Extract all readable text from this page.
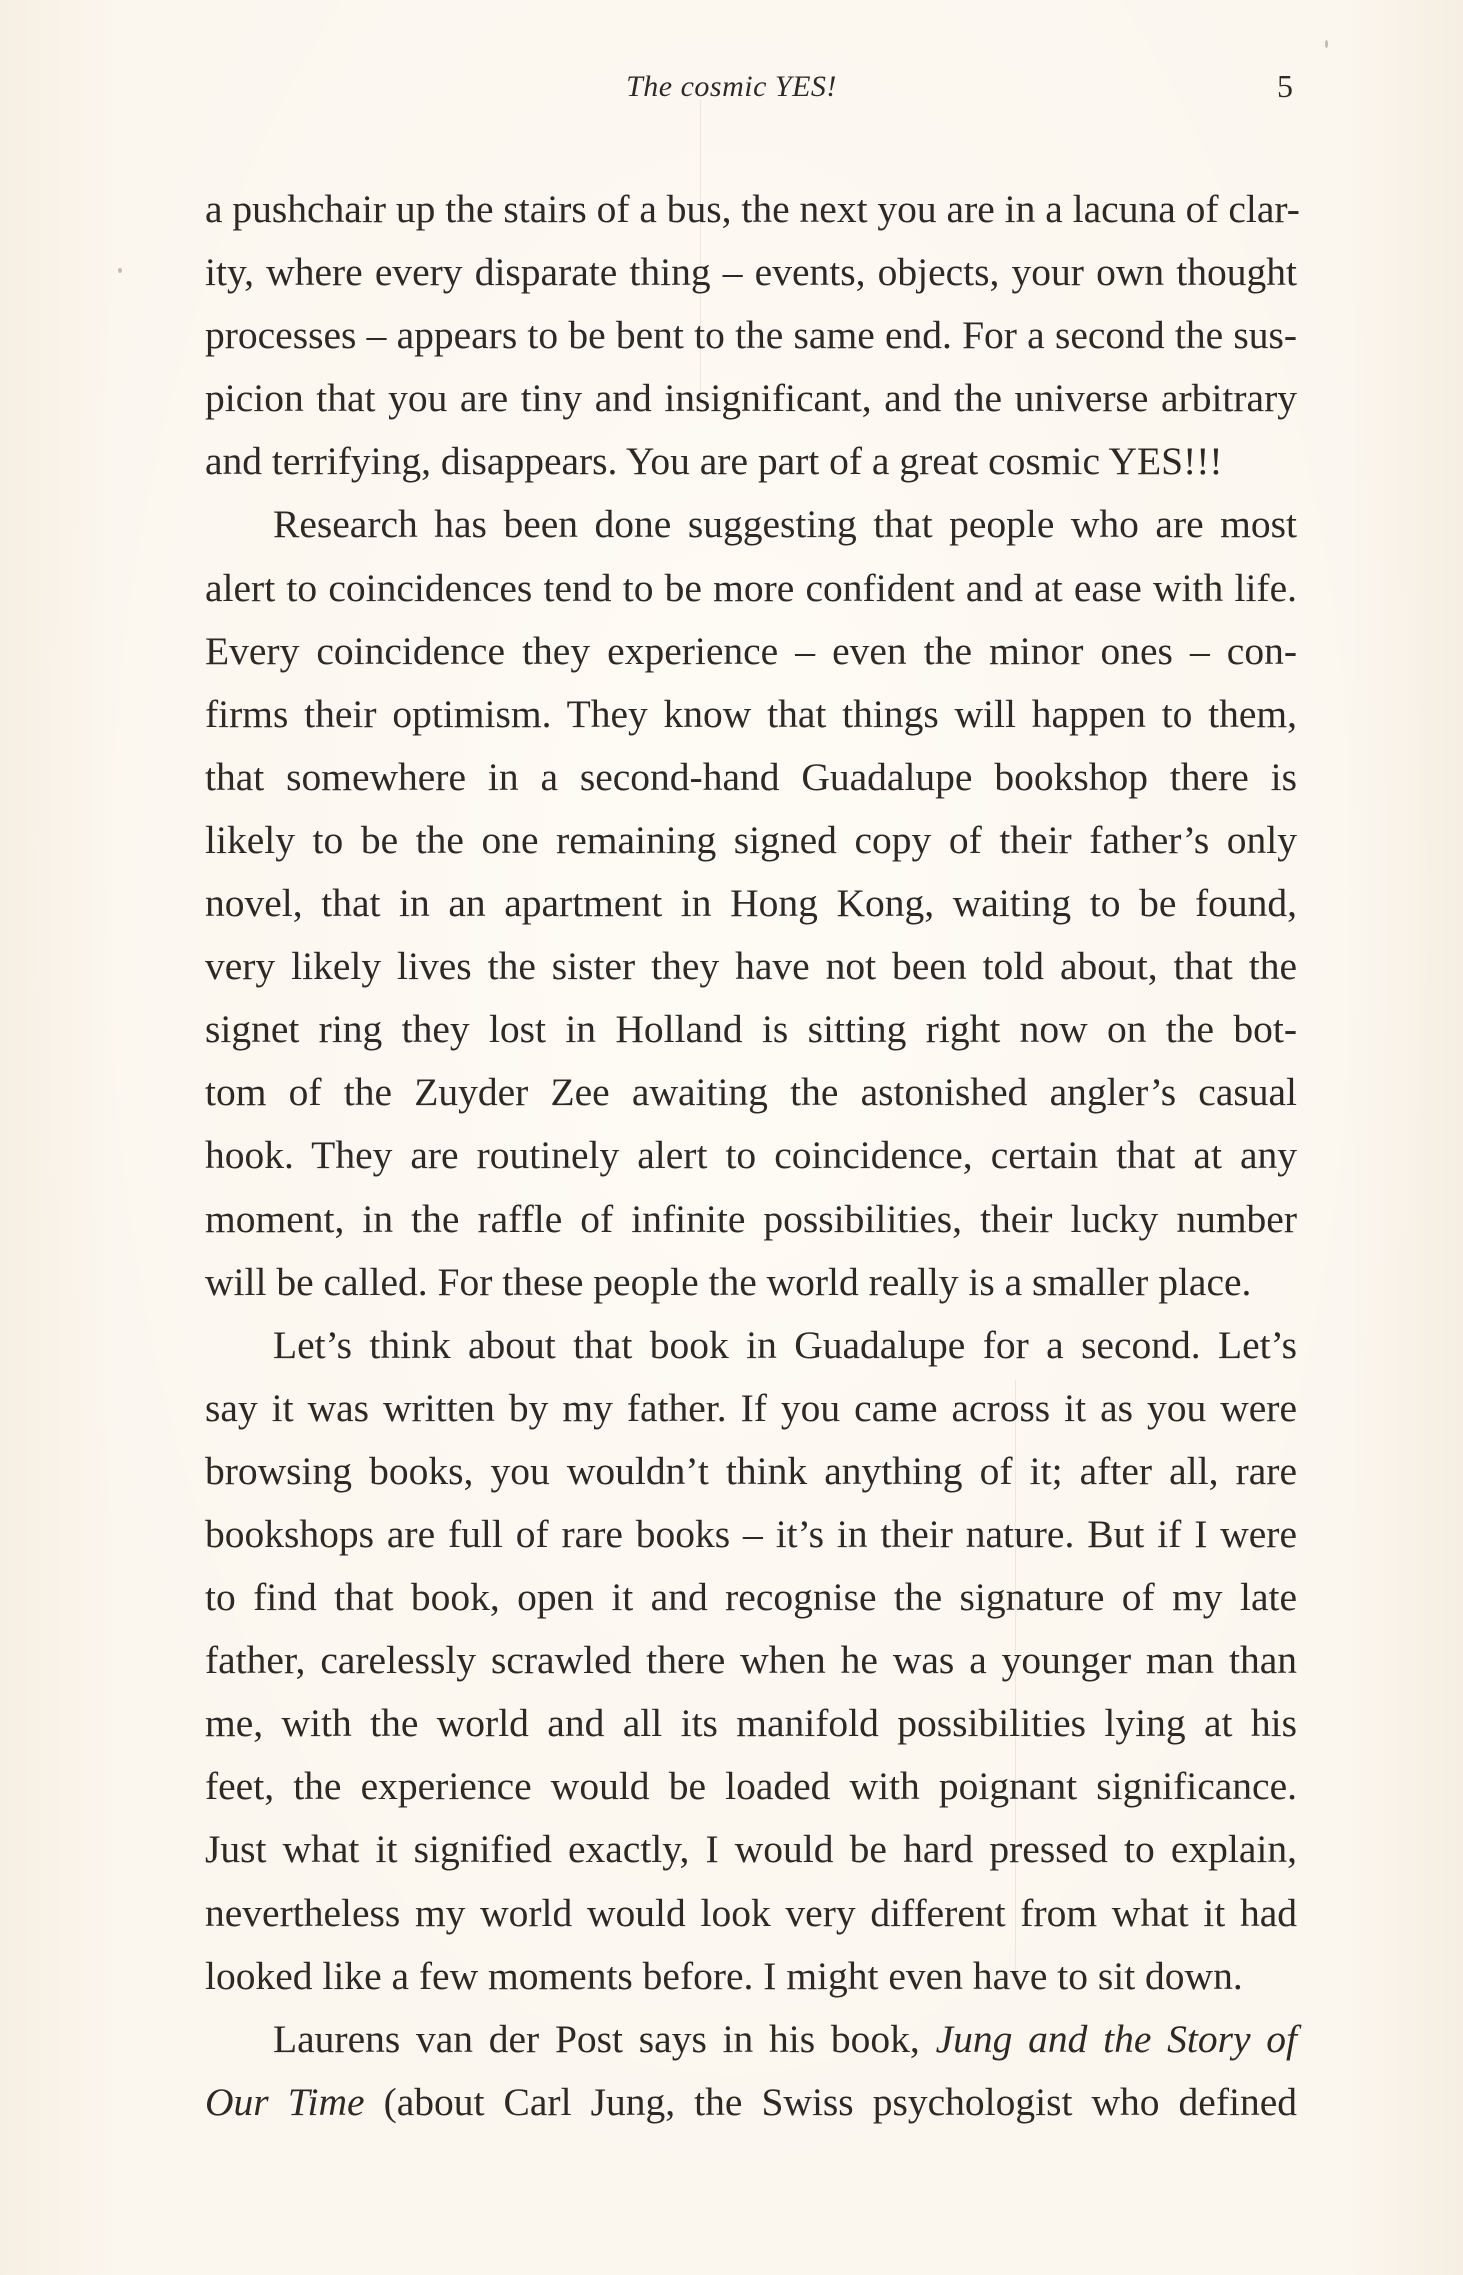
The cosmic YES!	5
a pushchair up the stairs of a bus, the next you are in a lacuna of clar-
ity, where every disparate thing – events, objects, your own thought
processes – appears to be bent to the same end. For a second the sus-
picion that you are tiny and insignificant, and the universe arbitrary
and terrifying, disappears. You are part of a great cosmic YES!!!
Research has been done suggesting that people who are most
alert to coincidences tend to be more confident and at ease with life.
Every coincidence they experience – even the minor ones – con-
firms their optimism. They know that things will happen to them,
that somewhere in a second-hand Guadalupe bookshop there is
likely to be the one remaining signed copy of their father’s only
novel, that in an apartment in Hong Kong, waiting to be found,
very likely lives the sister they have not been told about, that the
signet ring they lost in Holland is sitting right now on the bot-
tom of the Zuyder Zee awaiting the astonished angler’s casual
hook. They are routinely alert to coincidence, certain that at any
moment, in the raffle of infinite possibilities, their lucky number
will be called. For these people the world really is a smaller place.
Let’s think about that book in Guadalupe for a second. Let’s
say it was written by my father. If you came across it as you were
browsing books, you wouldn’t think anything of it; after all, rare
bookshops are full of rare books – it’s in their nature. But if I were
to find that book, open it and recognise the signature of my late
father, carelessly scrawled there when he was a younger man than
me, with the world and all its manifold possibilities lying at his
feet, the experience would be loaded with poignant significance.
Just what it signified exactly, I would be hard pressed to explain,
nevertheless my world would look very different from what it had
looked like a few moments before. I might even have to sit down.
Laurens van der Post says in his book, Jung and the Story of
Our Time (about Carl Jung, the Swiss psychologist who defined
